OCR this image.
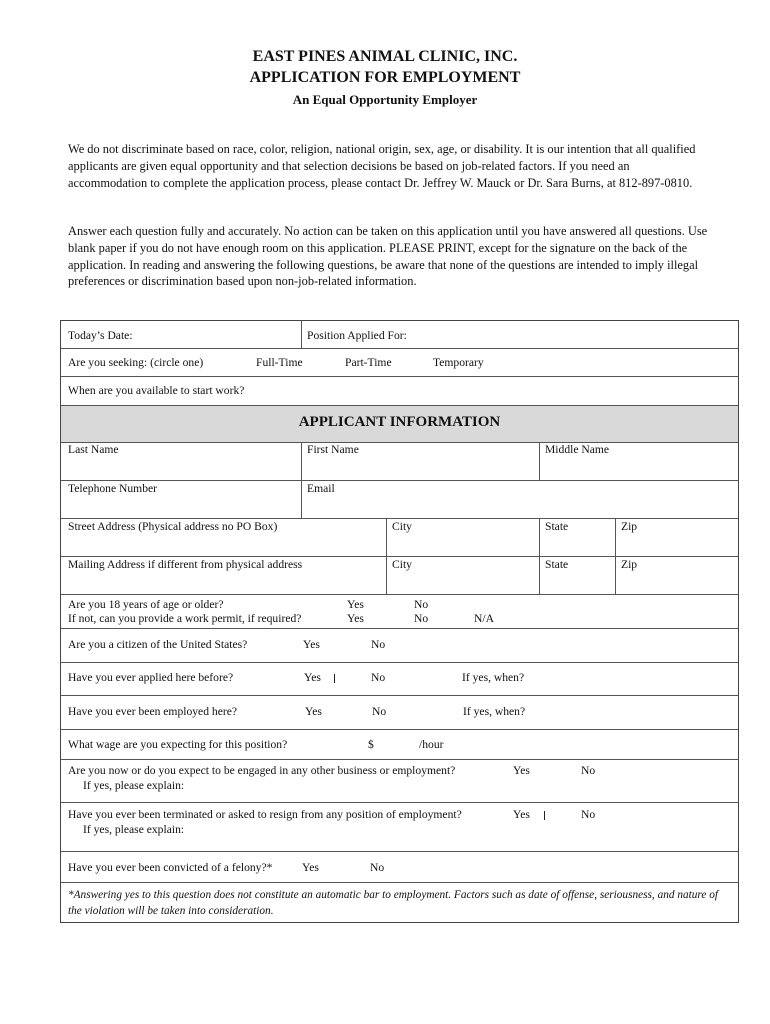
EAST PINES ANIMAL CLINIC, INC.
APPLICATION FOR EMPLOYMENT
An Equal Opportunity Employer

We do not discriminate based on race, color, religion, national origin, sex, age, or disability. It is our intention that all qualified applicants are given equal opportunity and that selection decisions be based on job-related factors. If you need an accommodation to complete the application process, please contact Dr. Jeffrey W. Mauck or Dr. Sara Burns, at 812-897-0810.

Answer each question fully and accurately. No action can be taken on this application until you have answered all questions. Use blank paper if you do not have enough room on this application. PLEASE PRINT, except for the signature on the back of the application. In reading and answering the following questions, be aware that none of the questions are intended to imply illegal preferences or discrimination based upon non-job-related information.

Today’s Date:	Position Applied For:
Are you seeking: (circle one)	Full-Time	Part-Time	Temporary
When are you available to start work?
APPLICANT INFORMATION
Last Name	First Name	Middle Name
Telephone Number	Email
Street Address (Physical address no PO Box)	City	State	Zip
Mailing Address if different from physical address	City	State	Zip
Are you 18 years of age or older?	Yes	No
If not, can you provide a work permit, if required?	Yes	No	N/A
Are you a citizen of the United States?	Yes	No
Have you ever applied here before?	Yes	No	If yes, when?
Have you ever been employed here?	Yes	No	If yes, when?
What wage are you expecting for this position?	$	/hour
Are you now or do you expect to be engaged in any other business or employment?	Yes	No
If yes, please explain:
Have you ever been terminated or asked to resign from any position of employment?	Yes	No
If yes, please explain:
Have you ever been convicted of a felony?*	Yes	No
*Answering yes to this question does not constitute an automatic bar to employment. Factors such as date of offense, seriousness, and nature of the violation will be taken into consideration.
